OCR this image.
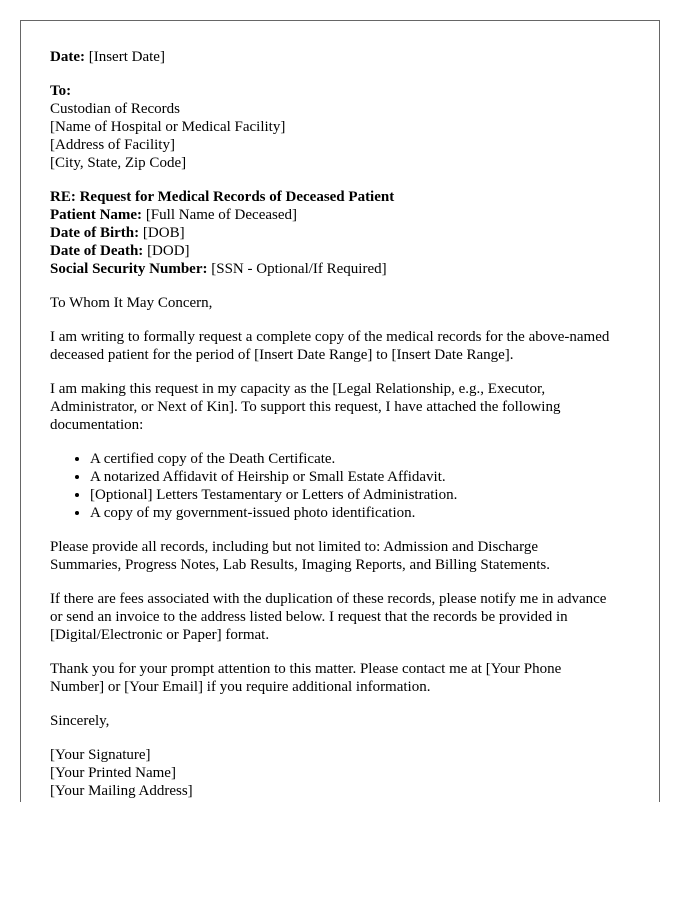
Date: [Insert Date]
To:
Custodian of Records
[Name of Hospital or Medical Facility]
[Address of Facility]
[City, State, Zip Code]
RE: Request for Medical Records of Deceased Patient
Patient Name: [Full Name of Deceased]
Date of Birth: [DOB]
Date of Death: [DOD]
Social Security Number: [SSN - Optional/If Required]

To Whom It May Concern,

I am writing to formally request a complete copy of the medical records for the above-named deceased patient for the period of [Insert Date Range] to [Insert Date Range].

I am making this request in my capacity as the [Legal Relationship, e.g., Executor, Administrator, or Next of Kin]. To support this request, I have attached the following documentation:

• A certified copy of the Death Certificate.
• A notarized Affidavit of Heirship or Small Estate Affidavit.
• [Optional] Letters Testamentary or Letters of Administration.
• A copy of my government-issued photo identification.

Please provide all records, including but not limited to: Admission and Discharge Summaries, Progress Notes, Lab Results, Imaging Reports, and Billing Statements.

If there are fees associated with the duplication of these records, please notify me in advance or send an invoice to the address listed below. I request that the records be provided in [Digital/Electronic or Paper] format.

Thank you for your prompt attention to this matter. Please contact me at [Your Phone Number] or [Your Email] if you require additional information.

Sincerely,

[Your Signature]
[Your Printed Name]
[Your Mailing Address]
